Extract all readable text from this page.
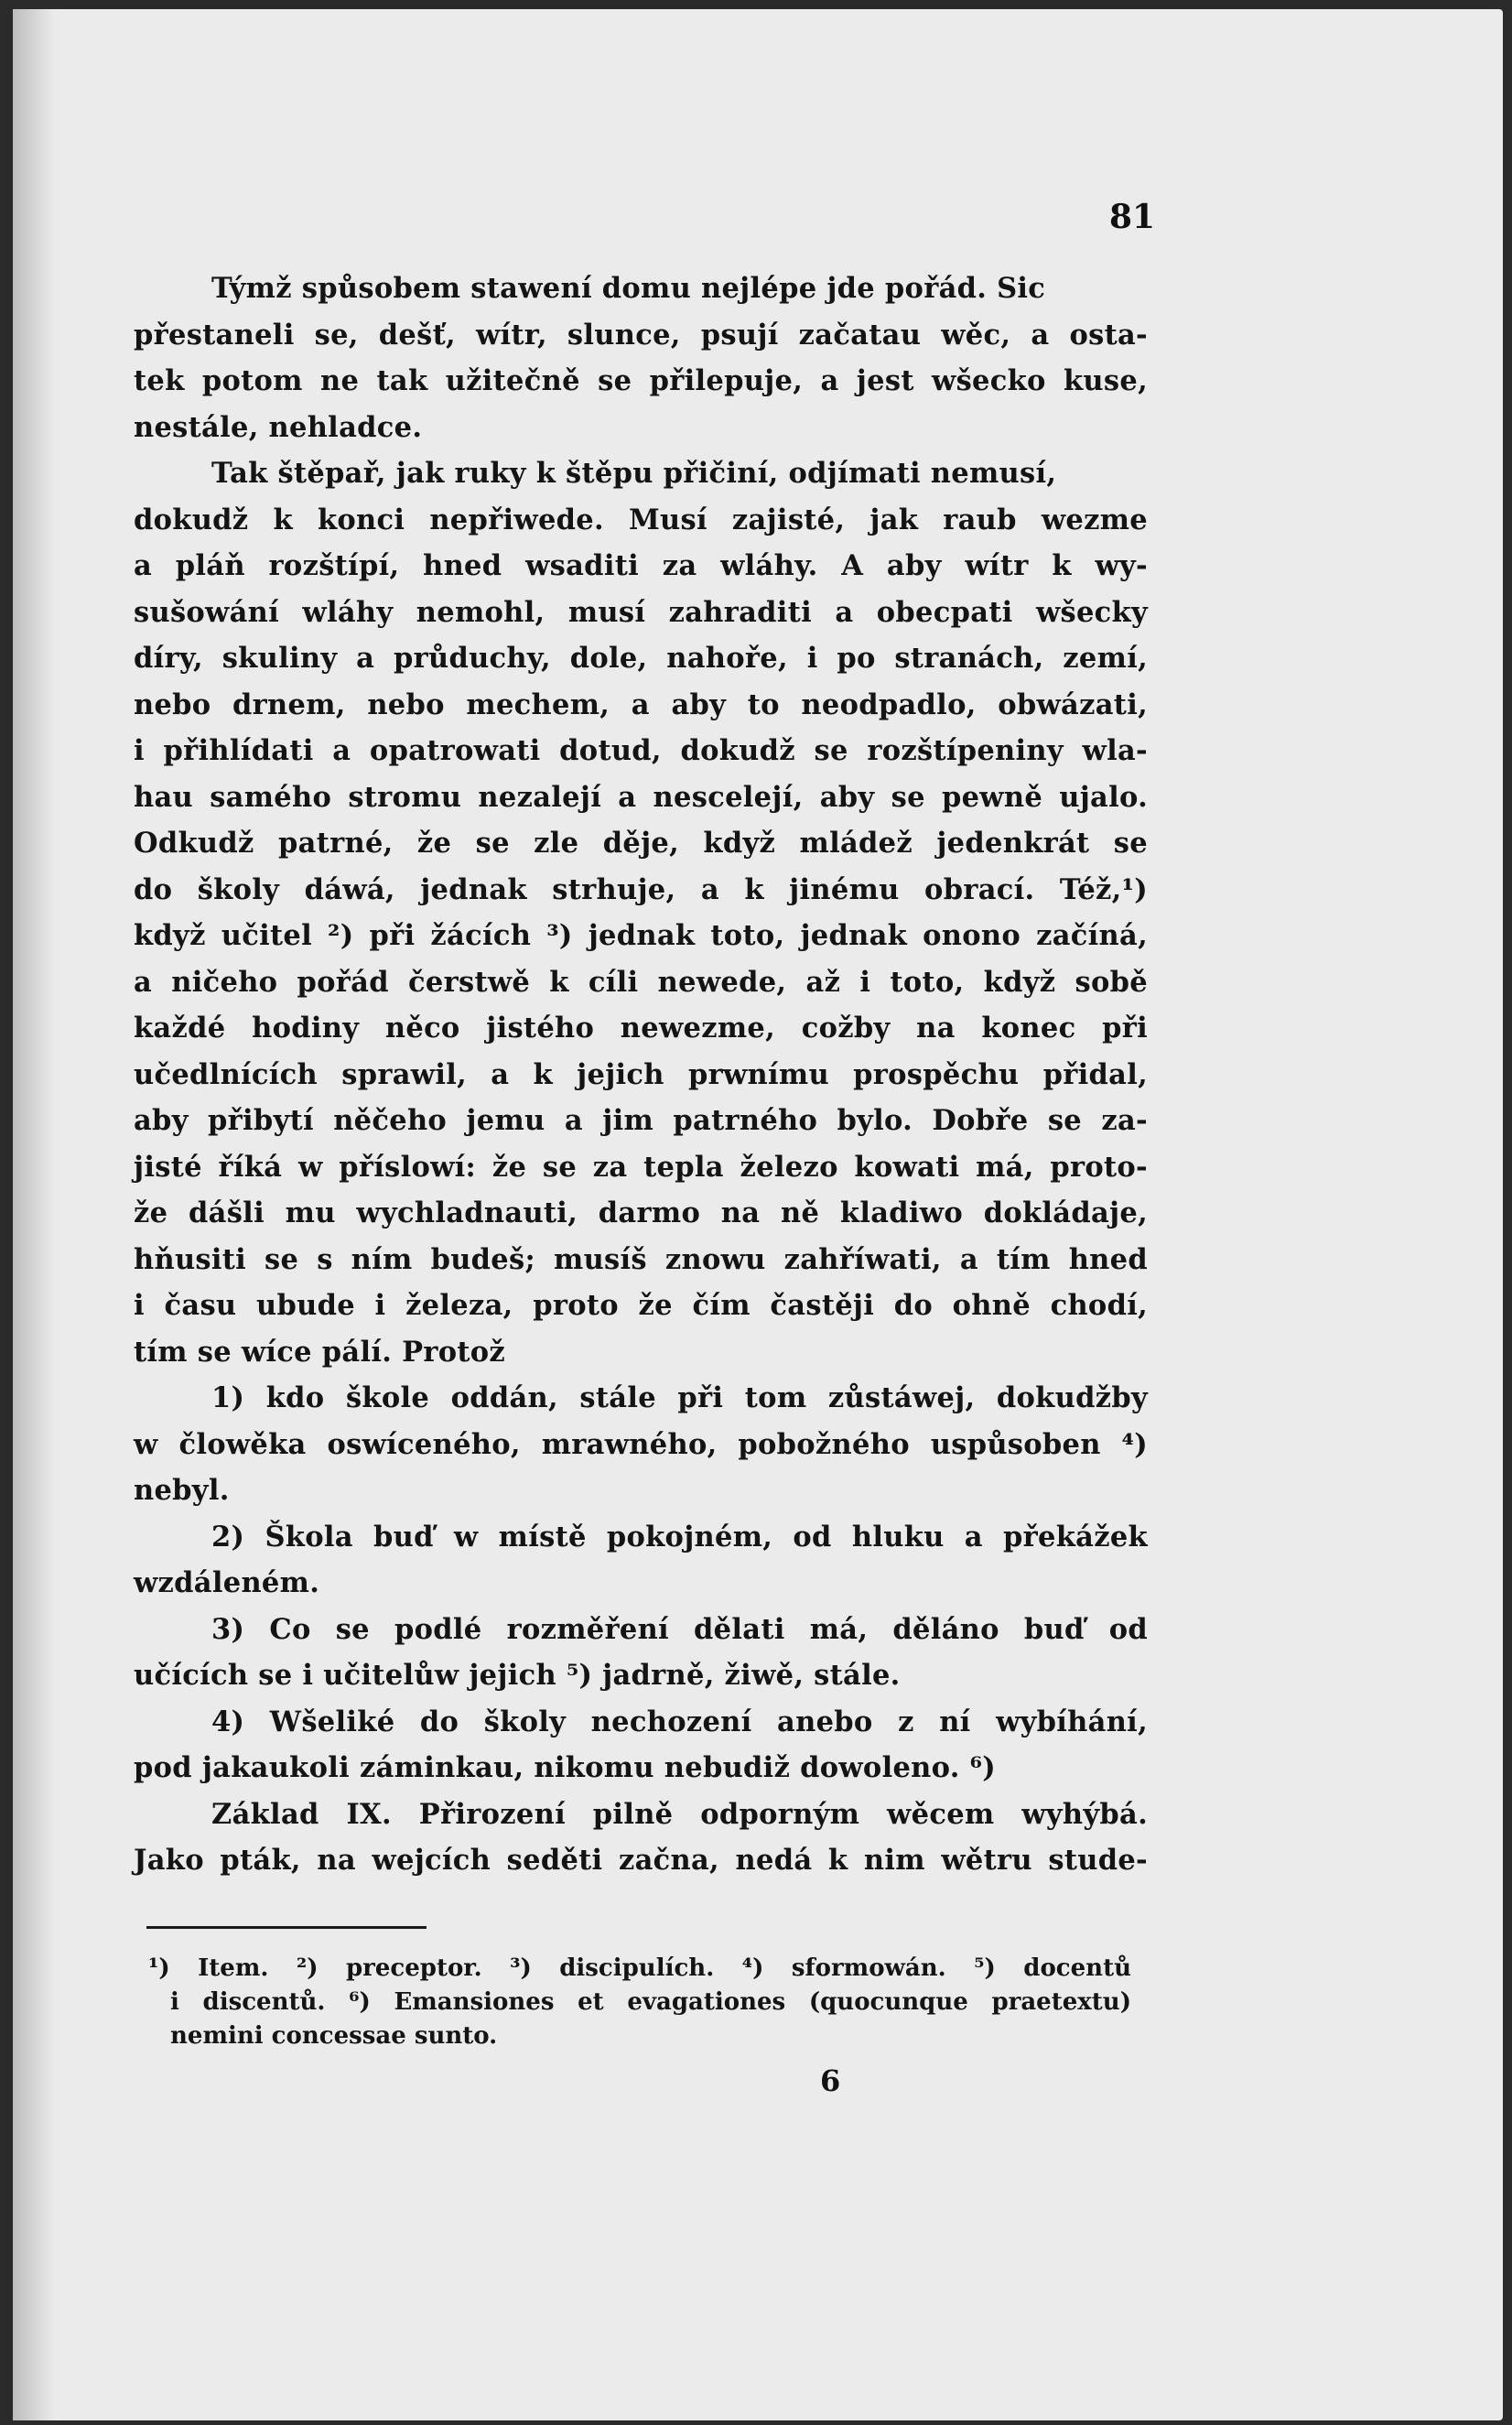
81
Týmž spůsobem stawení domu nejlépe jde pořád. Sic
přestaneli se, dešť, wítr, slunce, psují začatau wěc, a osta-
tek potom ne tak užitečně se přilepuje, a jest wšecko kuse,
nestále, nehladce.
Tak štěpař, jak ruky k štěpu přičiní, odjímati nemusí,
dokudž k konci nepřiwede. Musí zajisté, jak raub wezme
a pláň rozštípí, hned wsaditi za wláhy. A aby wítr k wy-
sušowání wláhy nemohl, musí zahraditi a obecpati wšecky
díry, skuliny a průduchy, dole, nahoře, i po stranách, zemí,
nebo drnem, nebo mechem, a aby to neodpadlo, obwázati,
i přihlídati a opatrowati dotud, dokudž se rozštípeniny wla-
hau samého stromu nezalejí a nescelejí, aby se pewně ujalo.
Odkudž patrné, že se zle děje, když mládež jedenkrát se
do školy dáwá, jednak strhuje, a k jinému obrací. Též,¹)
když učitel ²) při žácích ³) jednak toto, jednak onono začíná,
a ničeho pořád čerstwě k cíli newede, až i toto, když sobě
každé hodiny něco jistého newezme, cožby na konec při
učedlnících sprawil, a k jejich prwnímu prospěchu přidal,
aby přibytí něčeho jemu a jim patrného bylo. Dobře se za-
jisté říká w příslowí: že se za tepla železo kowati má, proto-
že dášli mu wychladnauti, darmo na ně kladiwo dokládaje,
hňusiti se s ním budeš; musíš znowu zahříwati, a tím hned
i času ubude i železa, proto že čím častěji do ohně chodí,
tím se wíce pálí. Protož
1) kdo škole oddán, stále při tom zůstáwej, dokudžby
w člowěka oswíceného, mrawného, pobožného uspůsoben ⁴)
nebyl.
2) Škola buď w místě pokojném, od hluku a překážek
wzdáleném.
3) Co se podlé rozměření dělati má, děláno buď od
učících se i učitelůw jejich ⁵) jadrně, žiwě, stále.
4) Wšeliké do školy nechození anebo z ní wybíhání,
pod jakaukoli záminkau, nikomu nebudiž dowoleno. ⁶)
Základ IX. Přirození pilně odporným wěcem wyhýbá.
Jako pták, na wejcích seděti začna, nedá k nim wětru stude-
¹) Item. ²) preceptor. ³) discipulích. ⁴) sformowán. ⁵) docentů
i discentů. ⁶) Emansiones et evagationes (quocunque praetextu)
nemini concessae sunto.
6
